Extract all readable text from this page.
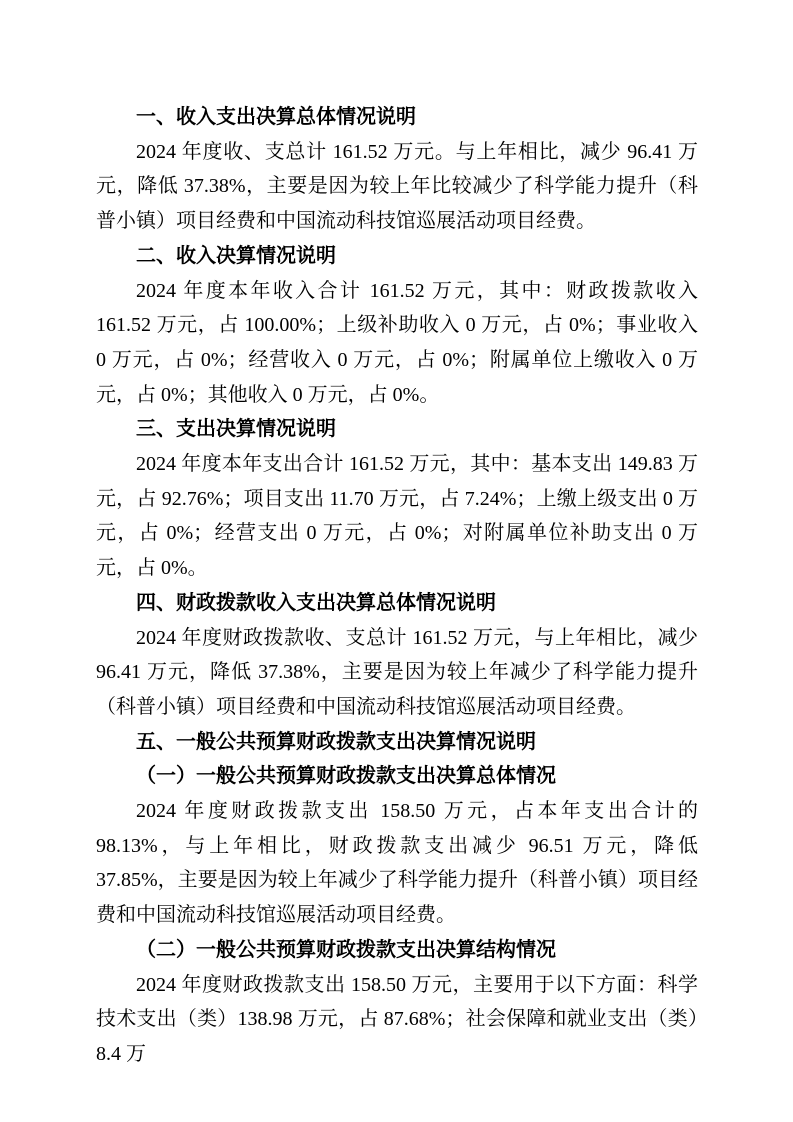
一、收入支出决算总体情况说明

2024 年度收、支总计 161.52 万元。与上年相比，减少 96.41 万元，降低 37.38%，主要是因为较上年比较减少了科学能力提升（科普小镇）项目经费和中国流动科技馆巡展活动项目经费。

二、收入决算情况说明

2024 年度本年收入合计 161.52 万元，其中：财政拨款收入 161.52 万元，占 100.00%；上级补助收入 0 万元，占 0%；事业收入 0 万元，占 0%；经营收入 0 万元，占 0%；附属单位上缴收入 0 万元，占 0%；其他收入 0 万元，占 0%。

三、支出决算情况说明

2024 年度本年支出合计 161.52 万元，其中：基本支出 149.83 万元，占 92.76%；项目支出 11.70 万元，占 7.24%；上缴上级支出 0 万元，占 0%；经营支出 0 万元，占 0%；对附属单位补助支出 0 万元，占 0%。

四、财政拨款收入支出决算总体情况说明

2024 年度财政拨款收、支总计 161.52 万元，与上年相比，减少 96.41 万元，降低 37.38%，主要是因为较上年减少了科学能力提升（科普小镇）项目经费和中国流动科技馆巡展活动项目经费。

五、一般公共预算财政拨款支出决算情况说明
（一）一般公共预算财政拨款支出决算总体情况

2024 年度财政拨款支出 158.50 万元，占本年支出合计的 98.13%，与上年相比，财政拨款支出减少 96.51 万元，降低 37.85%，主要是因为较上年减少了科学能力提升（科普小镇）项目经费和中国流动科技馆巡展活动项目经费。

（二）一般公共预算财政拨款支出决算结构情况

2024 年度财政拨款支出 158.50 万元，主要用于以下方面：科学技术支出（类）138.98 万元，占 87.68%；社会保障和就业支出（类）8.4 万
